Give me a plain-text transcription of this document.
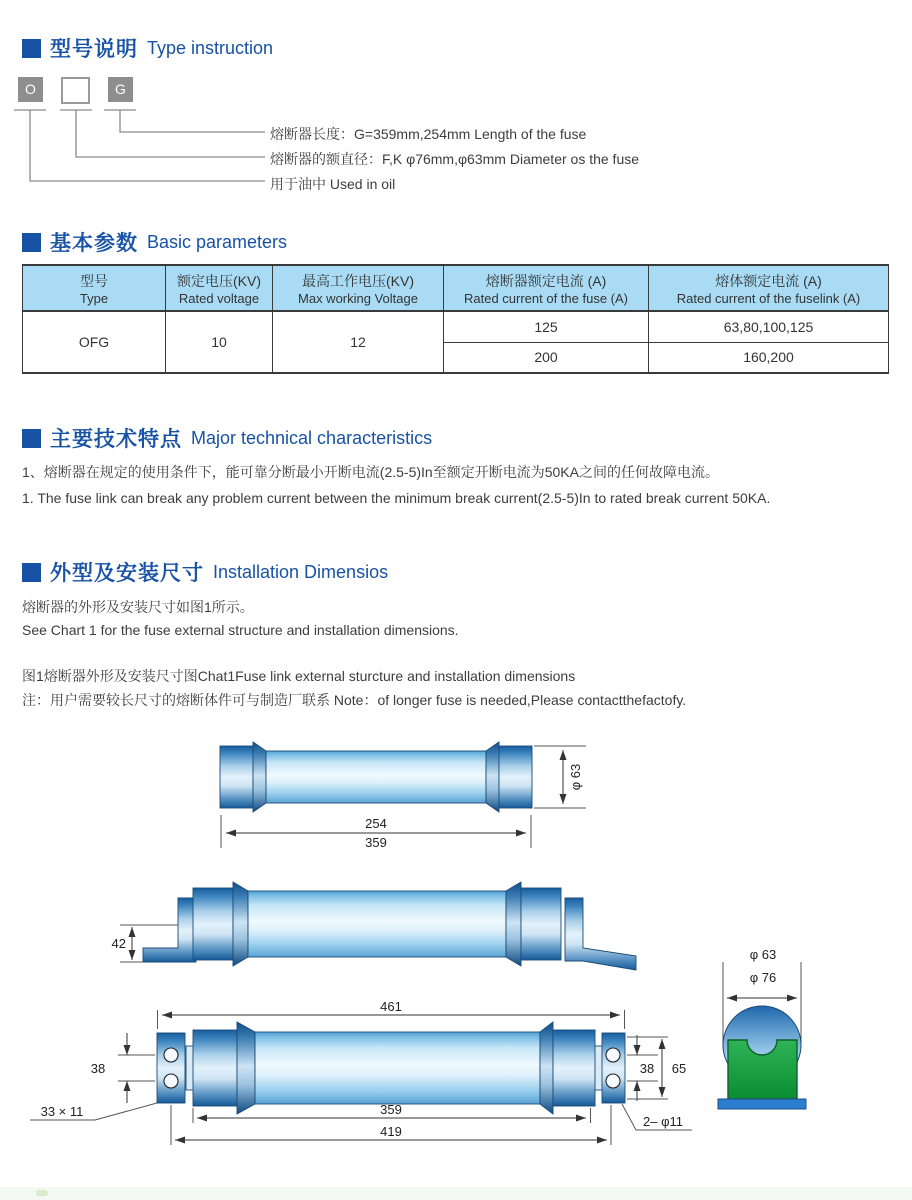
型号说明 Type instruction
O	G
熔断器长度：G=359mm,254mm Length of the fuse
熔断器的额直径：F,K φ76mm,φ63mm Diameter os the fuse
用于油中 Used in oil
基本参数 Basic parameters
型号
Type

额定电压(KV)
Rated voltage

最高工作电压(KV)
Max working Voltage

熔断器额定电流 (A)
Rated current of the fuse (A)

熔体额定电流 (A)
Rated current of the fuselink (A)

OFG	10	12	125	63,80,100,125
			200	160,200
主要技术特点 Major technical characteristics
1、熔断器在规定的使用条件下，能可靠分断最小开断电流(2.5-5)In至额定开断电流为50KA之间的任何故障电流。
1. The fuse link can break any problem current between the minimum break current(2.5-5)In to rated break current 50KA.
外型及安装尺寸 Installation Dimensios
熔断器的外形及安装尺寸如图1所示。
See Chart 1 for the fuse external structure and installation dimensions.
图1熔断器外形及安装尺寸图Chat1Fuse link external sturcture and installation dimensions
注：用户需要较长尺寸的熔断体件可与制造厂联系 Note：of longer fuse is needed,Please contactthefactofy.
254
359
φ 63
42
461
38	38 65
359
419
33 × 11
2– φ11
φ 63
φ 76
